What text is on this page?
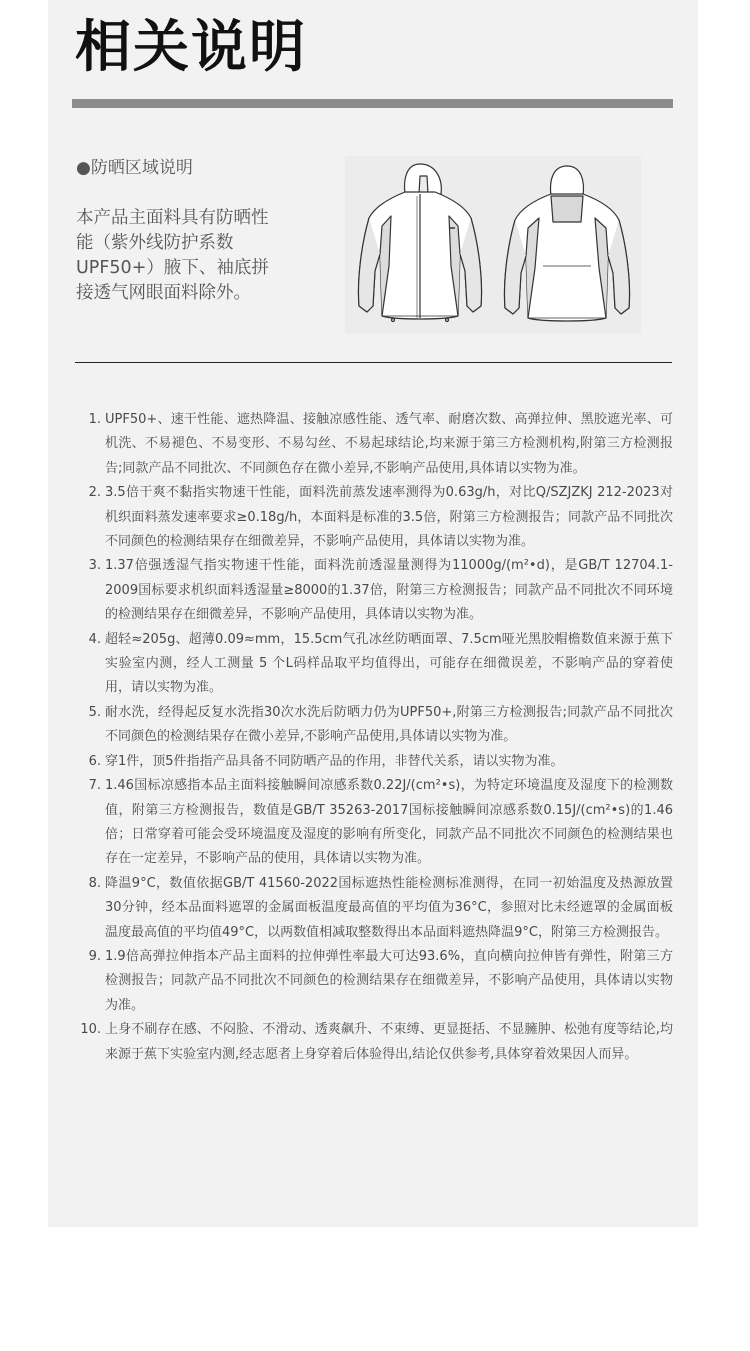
相关说明
●防晒区域说明
本产品主面料具有防晒性能（紫外线防护系数UPF50+）腋下、袖底拼接透气网眼面料除外。
1. UPF50+、速干性能、遮热降温、接触凉感性能、透气率、耐磨次数、高弹拉伸、黑胶遮光率、可机洗、不易褪色、不易变形、不易勾丝、不易起球结论,均来源于第三方检测机构,附第三方检测报告;同款产品不同批次、不同颜色存在微小差异,不影响产品使用,具体请以实物为准。
2. 3.5倍干爽不黏指实物速干性能，面料洗前蒸发速率测得为0.63g/h，对比Q/SZJZKJ 212-2023对机织面料蒸发速率要求≥0.18g/h，本面料是标准的3.5倍，附第三方检测报告；同款产品不同批次不同颜色的检测结果存在细微差异，不影响产品使用，具体请以实物为准。
3. 1.37倍强透湿气指实物速干性能，面料洗前透湿量测得为11000g/(m²•d)，是GB/T 12704.1-2009国标要求机织面料透湿量≥8000的1.37倍，附第三方检测报告；同款产品不同批次不同环境的检测结果存在细微差异，不影响产品使用，具体请以实物为准。
4. 超轻≈205g、超薄0.09≈mm，15.5cm气孔冰丝防晒面罩、7.5cm哑光黑胶帽檐数值来源于蕉下实验室内测，经人工测量 5 个L码样品取平均值得出，可能存在细微误差，不影响产品的穿着使用，请以实物为准。
5. 耐水洗，经得起反复水洗指30次水洗后防晒力仍为UPF50+,附第三方检测报告;同款产品不同批次不同颜色的检测结果存在微小差异,不影响产品使用,具体请以实物为准。
6. 穿1件，顶5件指指产品具备不同防晒产品的作用，非替代关系，请以实物为准。
7. 1.46国标凉感指本品主面料接触瞬间凉感系数0.22J/(cm²•s)，为特定环境温度及湿度下的检测数值，附第三方检测报告，数值是GB/T 35263-2017国标接触瞬间凉感系数0.15J/(cm²•s)的1.46倍；日常穿着可能会受环境温度及湿度的影响有所变化，同款产品不同批次不同颜色的检测结果也存在一定差异，不影响产品的使用，具体请以实物为准。
8. 降温9°C，数值依据GB/T 41560-2022国标遮热性能检测标准测得，在同一初始温度及热源放置30分钟，经本品面料遮罩的金属面板温度最高值的平均值为36°C，参照对比未经遮罩的金属面板温度最高值的平均值49°C，以两数值相减取整数得出本品面料遮热降温9°C，附第三方检测报告。
9. 1.9倍高弹拉伸指本产品主面料的拉伸弹性率最大可达93.6%，直向横向拉伸皆有弹性，附第三方检测报告；同款产品不同批次不同颜色的检测结果存在细微差异，不影响产品使用，具体请以实物为准。
10. 上身不刷存在感、不闷脸、不滑动、透爽飙升、不束缚、更显挺括、不显臃肿、松弛有度等结论,均来源于蕉下实验室内测,经志愿者上身穿着后体验得出,结论仅供参考,具体穿着效果因人而异。
